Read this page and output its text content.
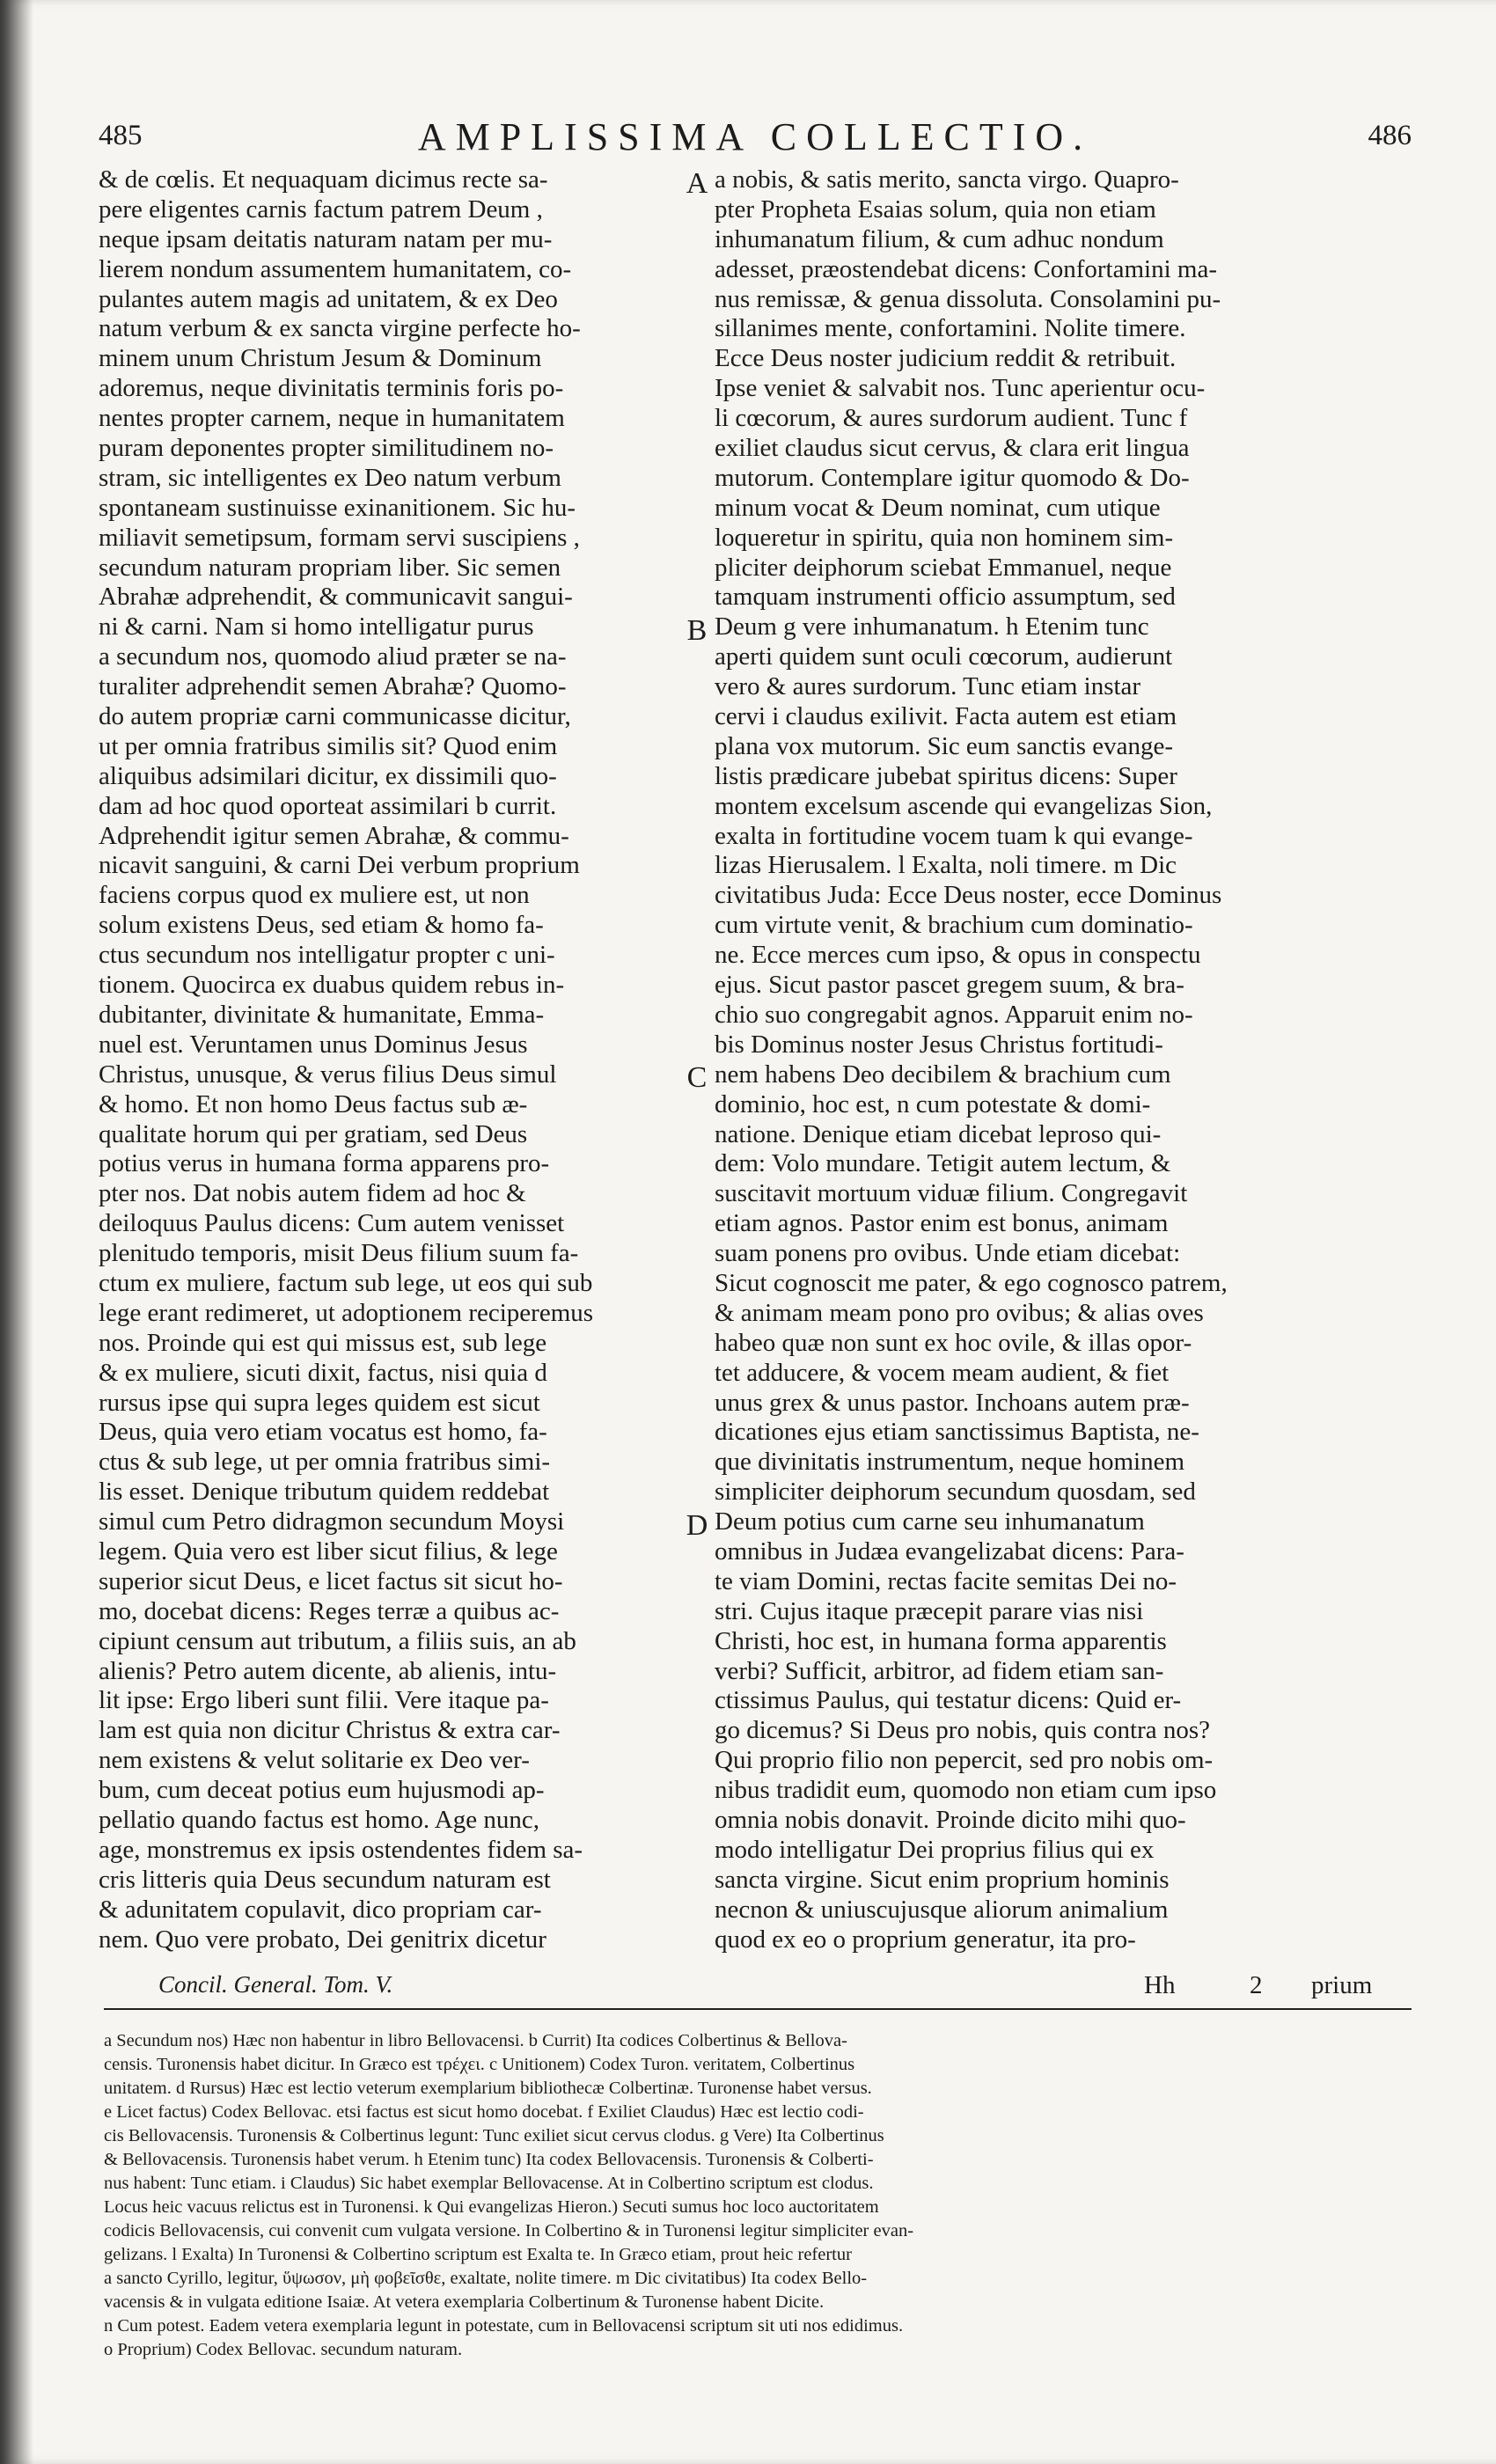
485	AMPLISSIMA COLLECTIO.	486
& de cœlis. Et nequaquam dicimus recte sa-
pere eligentes carnis factum patrem Deum ,
neque ipsam deitatis naturam natam per mu-
lierem nondum assumentem humanitatem, co-
pulantes autem magis ad unitatem, & ex Deo
natum verbum & ex sancta virgine perfecte ho-
minem unum Christum Jesum & Dominum
adoremus, neque divinitatis terminis foris po-
nentes propter carnem, neque in humanitatem
puram deponentes propter similitudinem no-
stram, sic intelligentes ex Deo natum verbum
spontaneam sustinuisse exinanitionem. Sic hu-
miliavit semetipsum, formam servi suscipiens ,
secundum naturam propriam liber. Sic semen
Abrahæ adprehendit, & communicavit sangui-
ni & carni. Nam si homo intelligatur purus
a secundum nos, quomodo aliud præter se na-
turaliter adprehendit semen Abrahæ? Quomo-
do autem propriæ carni communicasse dicitur,
ut per omnia fratribus similis sit? Quod enim
aliquibus adsimilari dicitur, ex dissimili quo-
dam ad hoc quod oporteat assimilari b currit.
Adprehendit igitur semen Abrahæ, & commu-
nicavit sanguini, & carni Dei verbum proprium
faciens corpus quod ex muliere est, ut non
solum existens Deus, sed etiam & homo fa-
ctus secundum nos intelligatur propter c uni-
tionem. Quocirca ex duabus quidem rebus in-
dubitanter, divinitate & humanitate, Emma-
nuel est. Veruntamen unus Dominus Jesus
Christus, unusque, & verus filius Deus simul
& homo. Et non homo Deus factus sub æ-
qualitate horum qui per gratiam, sed Deus
potius verus in humana forma apparens pro-
pter nos. Dat nobis autem fidem ad hoc &
deiloquus Paulus dicens: Cum autem venisset
plenitudo temporis, misit Deus filium suum fa-
ctum ex muliere, factum sub lege, ut eos qui sub
lege erant redimeret, ut adoptionem reciperemus
nos. Proinde qui est qui missus est, sub lege
& ex muliere, sicuti dixit, factus, nisi quia d
rursus ipse qui supra leges quidem est sicut
Deus, quia vero etiam vocatus est homo, fa-
ctus & sub lege, ut per omnia fratribus simi-
lis esset. Denique tributum quidem reddebat
simul cum Petro didragmon secundum Moysi
legem. Quia vero est liber sicut filius, & lege
superior sicut Deus, e licet factus sit sicut ho-
mo, docebat dicens: Reges terræ a quibus ac-
cipiunt censum aut tributum, a filiis suis, an ab
alienis? Petro autem dicente, ab alienis, intu-
lit ipse: Ergo liberi sunt filii. Vere itaque pa-
lam est quia non dicitur Christus & extra car-
nem existens & velut solitarie ex Deo ver-
bum, cum deceat potius eum hujusmodi ap-
pellatio quando factus est homo. Age nunc,
age, monstremus ex ipsis ostendentes fidem sa-
cris litteris quia Deus secundum naturam est
& adunitatem copulavit, dico propriam car-
nem. Quo vere probato, Dei genitrix dicetur
a nobis, & satis merito, sancta virgo. Quapro-
pter Propheta Esaias solum, quia non etiam
inhumanatum filium, & cum adhuc nondum
adesset, præostendebat dicens: Confortamini ma-
nus remissæ, & genua dissoluta. Consolamini pu-
sillanimes mente, confortamini. Nolite timere.
Ecce Deus noster judicium reddit & retribuit.
Ipse veniet & salvabit nos. Tunc aperientur ocu-
li cœcorum, & aures surdorum audient. Tunc f
exiliet claudus sicut cervus, & clara erit lingua
mutorum. Contemplare igitur quomodo & Do-
minum vocat & Deum nominat, cum utique
loqueretur in spiritu, quia non hominem sim-
pliciter deiphorum sciebat Emmanuel, neque
tamquam instrumenti officio assumptum, sed
Deum g vere inhumanatum. h Etenim tunc
aperti quidem sunt oculi cœcorum, audierunt
vero & aures surdorum. Tunc etiam instar
cervi i claudus exilivit. Facta autem est etiam
plana vox mutorum. Sic eum sanctis evange-
listis prædicare jubebat spiritus dicens: Super
montem excelsum ascende qui evangelizas Sion,
exalta in fortitudine vocem tuam k qui evange-
lizas Hierusalem. l Exalta, noli timere. m Dic
civitatibus Juda: Ecce Deus noster, ecce Dominus
cum virtute venit, & brachium cum dominatio-
ne. Ecce merces cum ipso, & opus in conspectu
ejus. Sicut pastor pascet gregem suum, & bra-
chio suo congregabit agnos. Apparuit enim no-
bis Dominus noster Jesus Christus fortitudi-
nem habens Deo decibilem & brachium cum
dominio, hoc est, n cum potestate & domi-
natione. Denique etiam dicebat leproso qui-
dem: Volo mundare. Tetigit autem lectum, &
suscitavit mortuum viduæ filium. Congregavit
etiam agnos. Pastor enim est bonus, animam
suam ponens pro ovibus. Unde etiam dicebat:
Sicut cognoscit me pater, & ego cognosco patrem,
& animam meam pono pro ovibus; & alias oves
habeo quæ non sunt ex hoc ovile, & illas opor-
tet adducere, & vocem meam audient, & fiet
unus grex & unus pastor. Inchoans autem præ-
dicationes ejus etiam sanctissimus Baptista, ne-
que divinitatis instrumentum, neque hominem
simpliciter deiphorum secundum quosdam, sed
Deum potius cum carne seu inhumanatum
omnibus in Judæa evangelizabat dicens: Para-
te viam Domini, rectas facite semitas Dei no-
stri. Cujus itaque præcepit parare vias nisi
Christi, hoc est, in humana forma apparentis
verbi? Sufficit, arbitror, ad fidem etiam san-
ctissimus Paulus, qui testatur dicens: Quid er-
go dicemus? Si Deus pro nobis, quis contra nos?
Qui proprio filio non pepercit, sed pro nobis om-
nibus tradidit eum, quomodo non etiam cum ipso
omnia nobis donavit. Proinde dicito mihi quo-
modo intelligatur Dei proprius filius qui ex
sancta virgine. Sicut enim proprium hominis
necnon & uniuscujusque aliorum animalium
quod ex eo o proprium generatur, ita pro-
A
B
C
D
Concil. General. Tom. V.	Hh	2 prium
a Secundum nos) Hæc non habentur in libro Bellovacensi. b Currit) Ita codices Colbertinus & Bellova-
censis. Turonensis habet dicitur. In Græco est τρέχει. c Unitionem) Codex Turon. veritatem, Colbertinus
unitatem. d Rursus) Hæc est lectio veterum exemplarium bibliothecæ Colbertinæ. Turonense habet versus.
e Licet factus) Codex Bellovac. etsi factus est sicut homo docebat. f Exiliet Claudus) Hæc est lectio codi-
cis Bellovacensis. Turonensis & Colbertinus legunt: Tunc exiliet sicut cervus clodus. g Vere) Ita Colbertinus
& Bellovacensis. Turonensis habet verum. h Etenim tunc) Ita codex Bellovacensis. Turonensis & Colberti-
nus habent: Tunc etiam. i Claudus) Sic habet exemplar Bellovacense. At in Colbertino scriptum est clodus.
Locus heic vacuus relictus est in Turonensi. k Qui evangelizas Hieron.) Secuti sumus hoc loco auctoritatem
codicis Bellovacensis, cui convenit cum vulgata versione. In Colbertino & in Turonensi legitur simpliciter evan-
gelizans. l Exalta) In Turonensi & Colbertino scriptum est Exalta te. In Græco etiam, prout heic refertur
a sancto Cyrillo, legitur, ὕψωσον, μὴ φοβεῖσθε, exaltate, nolite timere. m Dic civitatibus) Ita codex Bello-
vacensis & in vulgata editione Isaiæ. At vetera exemplaria Colbertinum & Turonense habent Dicite.
n Cum potest. Eadem vetera exemplaria legunt in potestate, cum in Bellovacensi scriptum sit uti nos edidimus.
o Proprium) Codex Bellovac. secundum naturam.
